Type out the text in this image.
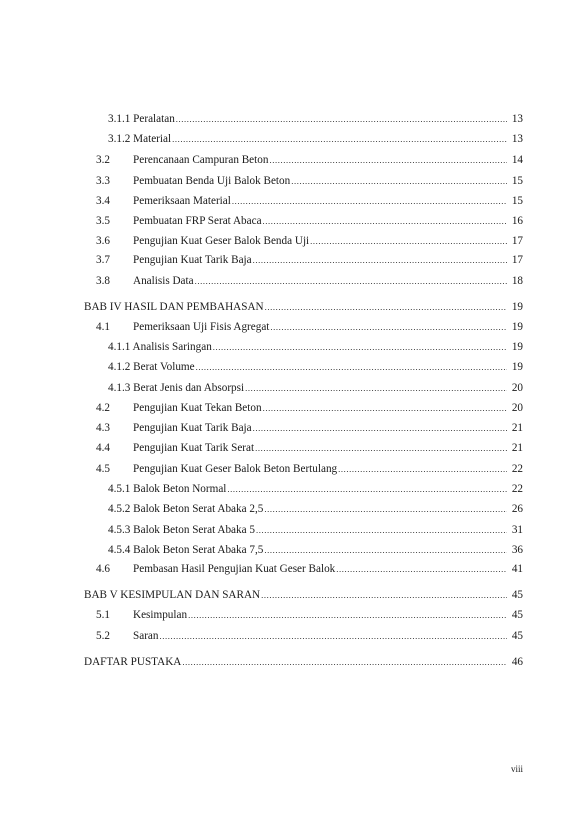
3.1.1 Peralatan .....	13
3.1.2 Material .....	13
3.2 Perencanaan Campuran Beton .....	14
3.3 Pembuatan Benda Uji Balok Beton .....	15
3.4 Pemeriksaan Material .....	15
3.5 Pembuatan FRP Serat Abaca .....	16
3.6 Pengujian Kuat Geser Balok Benda Uji .....	17
3.7 Pengujian Kuat Tarik Baja .....	17
3.8 Analisis Data .....	18
BAB IV HASIL DAN PEMBAHASAN .....	19
4.1 Pemeriksaan Uji Fisis Agregat .....	19
4.1.1 Analisis Saringan .....	19
4.1.2 Berat Volume .....	19
4.1.3 Berat Jenis dan Absorpsi .....	20
4.2 Pengujian Kuat Tekan Beton .....	20
4.3 Pengujian Kuat Tarik Baja .....	21
4.4 Pengujian Kuat Tarik Serat .....	21
4.5 Pengujian Kuat Geser Balok Beton Bertulang .....	22
4.5.1 Balok Beton Normal .....	22
4.5.2 Balok Beton Serat Abaka 2,5 .....	26
4.5.3 Balok Beton Serat Abaka 5 .....	31
4.5.4 Balok Beton Serat Abaka 7,5 .....	36
4.6 Pembasan Hasil Pengujian Kuat Geser Balok .....	41
BAB V KESIMPULAN DAN SARAN .....	45
5.1 Kesimpulan .....	45
5.2 Saran .....	45
DAFTAR PUSTAKA .....	46
viii
